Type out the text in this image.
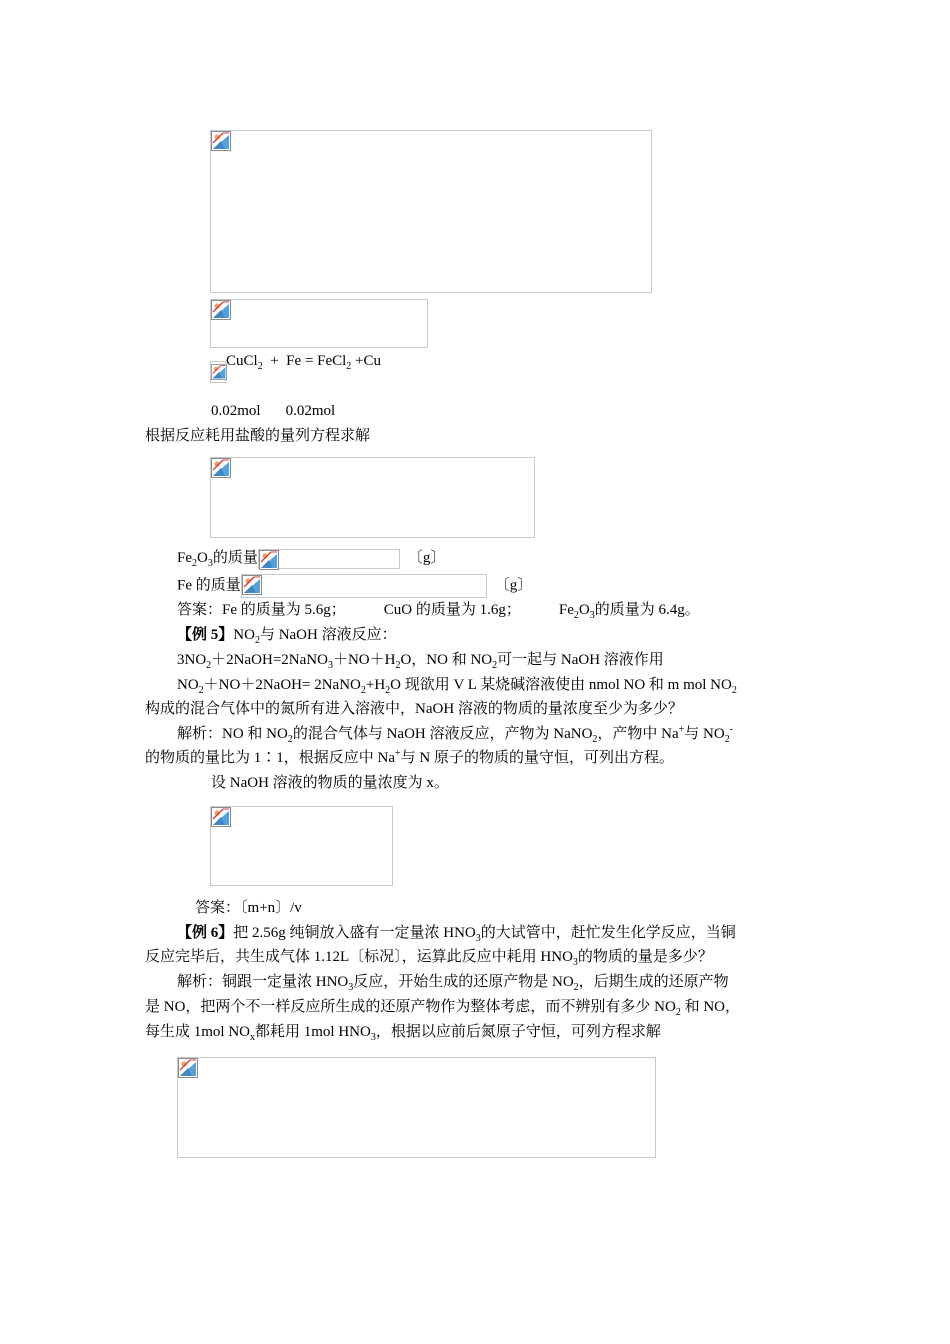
CuCl$_2$  +  Fe = FeCl$_2$ +Cu
0.02mol 0.02mol
根据反应耗用盐酸的量列方程求解
$Fe_2O_3$的质量	〔g〕
Fe 的质量	〔g〕
答案：Fe 的质量为 5.6g；	CuO 的质量为 1.6g；	$Fe_2O_3$的质量为 6.4g。
【例 5】$NO_2$与 NaOH 溶液反应：
$3NO_2+2NaOH=2NaNO_3+NO+H_2O$，NO 和 $NO_2$可一起与 NaOH 溶液作用
$NO_2+NO+2NaOH=$ $2NaNO_2+H_2O$ 现欲用 V L 某烧碱溶液使由 nmol NO 和 m mol $NO_2$
构成的混合气体中的氮所有进入溶液中，NaOH 溶液的物质的量浓度至少为多少？
解析：NO 和 $NO_2$的混合气体与 NaOH 溶液反应，产物为 NaNO$_2$，产物中 Na+与 $NO_2^-$
的物质的量比为 1∶1，根据反应中 Na+与 N 原子的物质的量守恒，可列出方程。
设 NaOH 溶液的物质的量浓度为 x。
答案：〔m+n〕/v
【例 6】把 2.56g 纯铜放入盛有一定量浓 $HNO_3$的大试管中，赶忙发生化学反应，当铜
反应完毕后，共生成气体 1.12L〔标况〕，运算此反应中耗用 $HNO_3$的物质的量是多少？
解析：铜跟一定量浓 $HNO_3$反应，开始生成的还原产物是 $NO_2$，后期生成的还原产物
是 NO，把两个不一样反应所生成的还原产物作为整体考虑，而不辨别有多少 $NO_2$ 和 NO，
每生成 1mol $NO_x$都耗用 1mol $HNO_3$，根据以应前后氮原子守恒，可列方程求解
